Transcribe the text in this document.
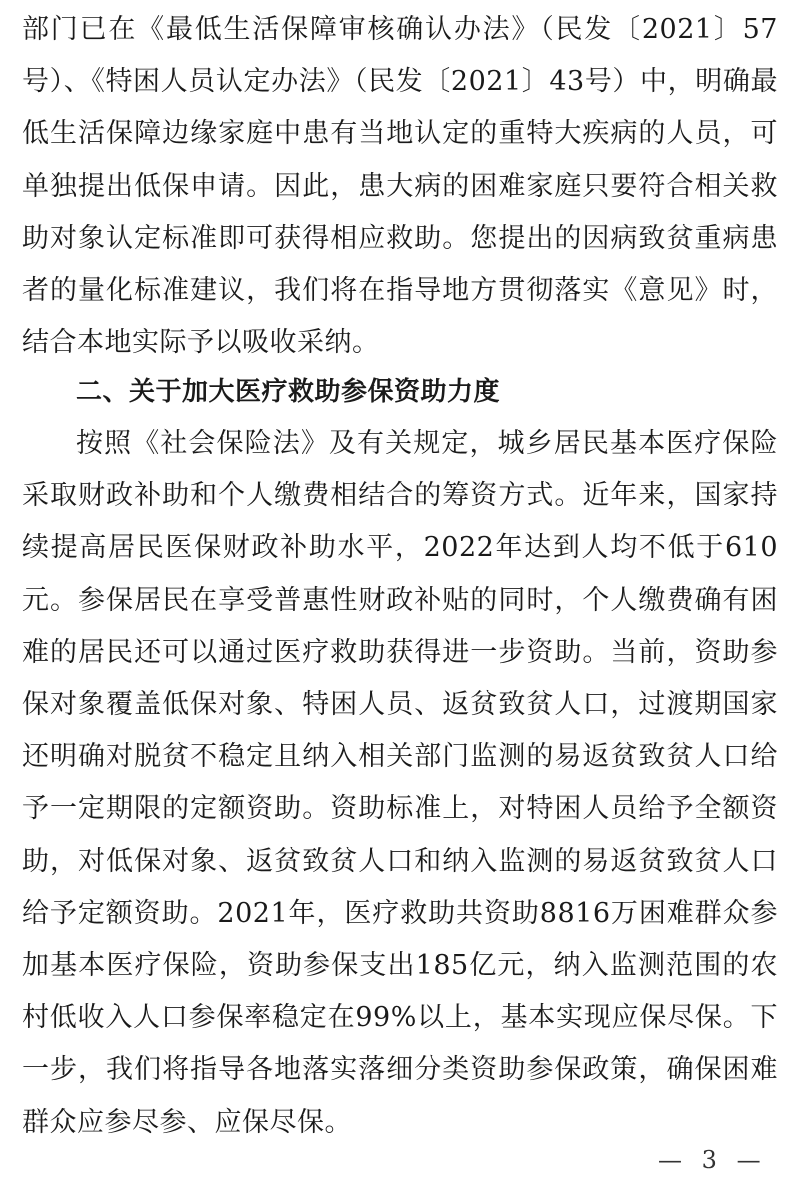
部门已在《最低生活保障审核确认办法》（民发〔2021〕57号）、《特困人员认定办法》（民发〔2021〕43号）中，明确最低生活保障边缘家庭中患有当地认定的重特大疾病的人员，可单独提出低保申请。因此，患大病的困难家庭只要符合相关救助对象认定标准即可获得相应救助。您提出的因病致贫重病患者的量化标准建议，我们将在指导地方贯彻落实《意见》时，结合本地实际予以吸收采纳。

二、关于加大医疗救助参保资助力度

按照《社会保险法》及有关规定，城乡居民基本医疗保险采取财政补助和个人缴费相结合的筹资方式。近年来，国家持续提高居民医保财政补助水平，2022年达到人均不低于610元。参保居民在享受普惠性财政补贴的同时，个人缴费确有困难的居民还可以通过医疗救助获得进一步资助。当前，资助参保对象覆盖低保对象、特困人员、返贫致贫人口，过渡期国家还明确对脱贫不稳定且纳入相关部门监测的易返贫致贫人口给予一定期限的定额资助。资助标准上，对特困人员给予全额资助，对低保对象、返贫致贫人口和纳入监测的易返贫致贫人口给予定额资助。2021年，医疗救助共资助8816万困难群众参加基本医疗保险，资助参保支出185亿元，纳入监测范围的农村低收入人口参保率稳定在99%以上，基本实现应保尽保。下一步，我们将指导各地落实落细分类资助参保政策，确保困难群众应参尽参、应保尽保。

— 3 —
